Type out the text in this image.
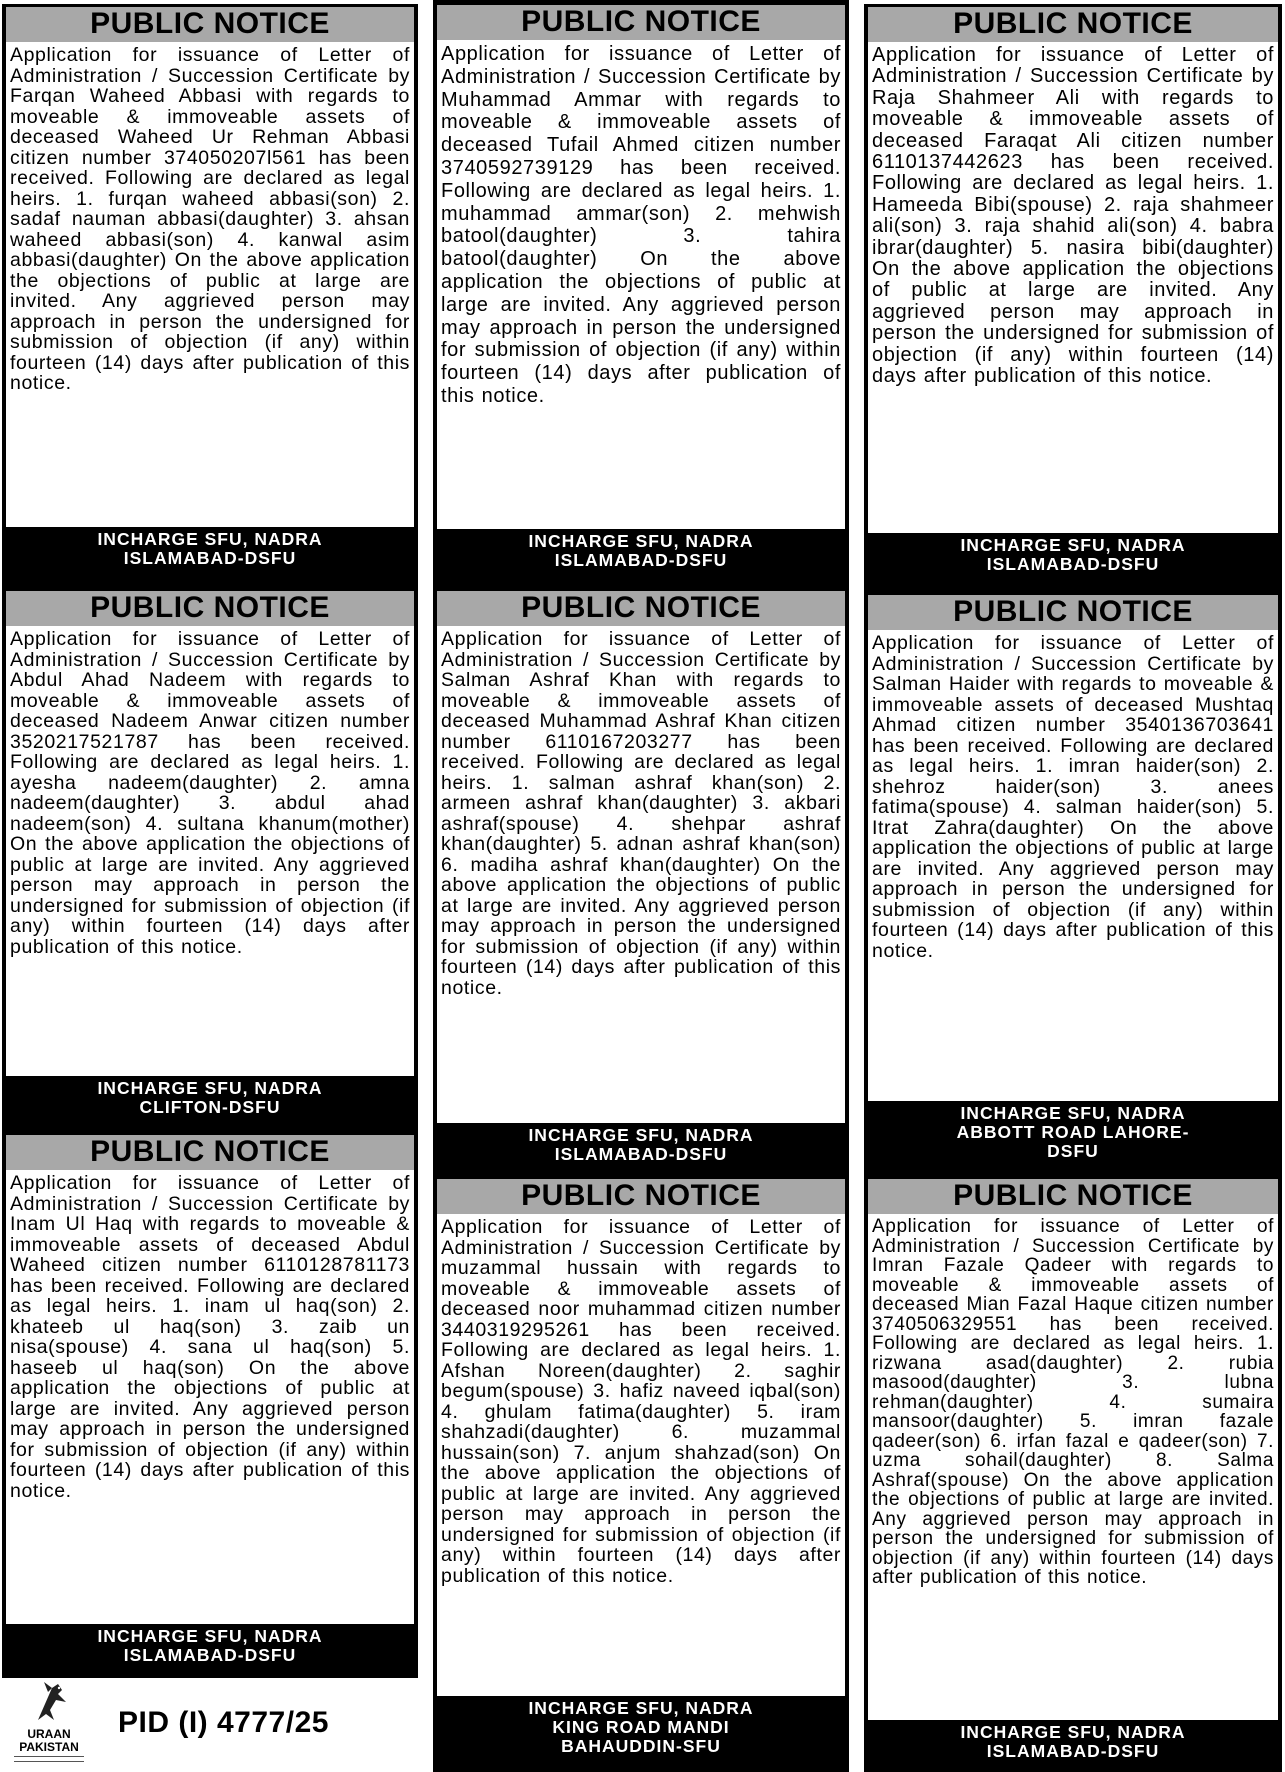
PUBLIC NOTICE
Application for issuance of Letter of Administration / Succession Certificate by Farqan Waheed Abbasi with regards to moveable & immoveable assets of deceased Waheed Ur Rehman Abbasi citizen number 374050207l561 has been received. Following are declared as legal heirs. 1. furqan waheed abbasi(son) 2. sadaf nauman abbasi(daughter) 3. ahsan waheed abbasi(son) 4. kanwal asim abbasi(daughter) On the above application the objections of public at large are invited. Any aggrieved person may approach in person the undersigned for submission of objection (if any) within fourteen (14) days after publication of this notice.
INCHARGE SFU, NADRA
ISLAMABAD-DSFU
PUBLIC NOTICE
Application for issuance of Letter of Administration / Succession Certificate by Abdul Ahad Nadeem with regards to moveable & immoveable assets of deceased Nadeem Anwar citizen number 3520217521787 has been received. Following are declared as legal heirs. 1. ayesha nadeem(daughter) 2. amna nadeem(daughter) 3. abdul ahad nadeem(son) 4. sultana khanum(mother) On the above application the objections of public at large are invited. Any aggrieved person may approach in person the undersigned for submission of objection (if any) within fourteen (14) days after publication of this notice.
INCHARGE SFU, NADRA
CLIFTON-DSFU
PUBLIC NOTICE
Application for issuance of Letter of Administration / Succession Certificate by Inam Ul Haq with regards to moveable & immoveable assets of deceased Abdul Waheed citizen number 6110128781173 has been received. Following are declared as legal heirs. 1. inam ul haq(son) 2. khateeb ul haq(son) 3. zaib un nisa(spouse) 4. sana ul haq(son) 5. haseeb ul haq(son) On the above application the objections of public at large are invited. Any aggrieved person may approach in person the undersigned for submission of objection (if any) within fourteen (14) days after publication of this notice.
INCHARGE SFU, NADRA
ISLAMABAD-DSFU
PUBLIC NOTICE
Application for issuance of Letter of Administration / Succession Certificate by Muhammad Ammar with regards to moveable & immoveable assets of deceased Tufail Ahmed citizen number 3740592739129 has been received. Following are declared as legal heirs. 1. muhammad ammar(son) 2. mehwish batool(daughter) 3. tahira batool(daughter) On the above application the objections of public at large are invited. Any aggrieved person may approach in person the undersigned for submission of objection (if any) within fourteen (14) days after publication of this notice.
INCHARGE SFU, NADRA
ISLAMABAD-DSFU
PUBLIC NOTICE
Application for issuance of Letter of Administration / Succession Certificate by Salman Ashraf Khan with regards to moveable & immoveable assets of deceased Muhammad Ashraf Khan citizen number 6110167203277 has been received. Following are declared as legal heirs. 1. salman ashraf khan(son) 2. armeen ashraf khan(daughter) 3. akbari ashraf(spouse) 4. shehpar ashraf khan(daughter) 5. adnan ashraf khan(son) 6. madiha ashraf khan(daughter) On the above application the objections of public at large are invited. Any aggrieved person may approach in person the undersigned for submission of objection (if any) within fourteen (14) days after publication of this notice.
INCHARGE SFU, NADRA
ISLAMABAD-DSFU
PUBLIC NOTICE
Application for issuance of Letter of Administration / Succession Certificate by muzammal hussain with regards to moveable & immoveable assets of deceased noor muhammad citizen number 3440319295261 has been received. Following are declared as legal heirs. 1. Afshan Noreen(daughter) 2. saghir begum(spouse) 3. hafiz naveed iqbal(son) 4. ghulam fatima(daughter) 5. iram shahzadi(daughter) 6. muzammal hussain(son) 7. anjum shahzad(son) On the above application the objections of public at large are invited. Any aggrieved person may approach in person the undersigned for submission of objection (if any) within fourteen (14) days after publication of this notice.
INCHARGE SFU, NADRA
KING ROAD MANDI
BAHAUDDIN-SFU
PUBLIC NOTICE
Application for issuance of Letter of Administration / Succession Certificate by Raja Shahmeer Ali with regards to moveable & immoveable assets of deceased Faraqat Ali citizen number 6110137442623 has been received. Following are declared as legal heirs. 1. Hameeda Bibi(spouse) 2. raja shahmeer ali(son) 3. raja shahid ali(son) 4. babra ibrar(daughter) 5. nasira bibi(daughter) On the above application the objections of public at large are invited. Any aggrieved person may approach in person the undersigned for submission of objection (if any) within fourteen (14) days after publication of this notice.
INCHARGE SFU, NADRA
ISLAMABAD-DSFU
PUBLIC NOTICE
Application for issuance of Letter of Administration / Succession Certificate by Salman Haider with regards to moveable & immoveable assets of deceased Mushtaq Ahmad citizen number 3540136703641 has been received. Following are declared as legal heirs. 1. imran haider(son) 2. shehroz haider(son) 3. anees fatima(spouse) 4. salman haider(son) 5. Itrat Zahra(daughter) On the above application the objections of public at large are invited. Any aggrieved person may approach in person the undersigned for submission of objection (if any) within fourteen (14) days after publication of this notice.
INCHARGE SFU, NADRA
ABBOTT ROAD LAHORE-
DSFU
PUBLIC NOTICE
Application for issuance of Letter of Administration / Succession Certificate by Imran Fazale Qadeer with regards to moveable & immoveable assets of deceased Mian Fazal Haque citizen number 3740506329551 has been received. Following are declared as legal heirs. 1. rizwana asad(daughter) 2. rubia masood(daughter) 3. lubna rehman(daughter) 4. sumaira mansoor(daughter) 5. imran fazale qadeer(son) 6. irfan fazal e qadeer(son) 7. uzma sohail(daughter) 8. Salma Ashraf(spouse) On the above application the objections of public at large are invited. Any aggrieved person may approach in person the undersigned for submission of objection (if any) within fourteen (14) days after publication of this notice.
INCHARGE SFU, NADRA
ISLAMABAD-DSFU
URAAN
PAKISTAN
PID (I) 4777/25
